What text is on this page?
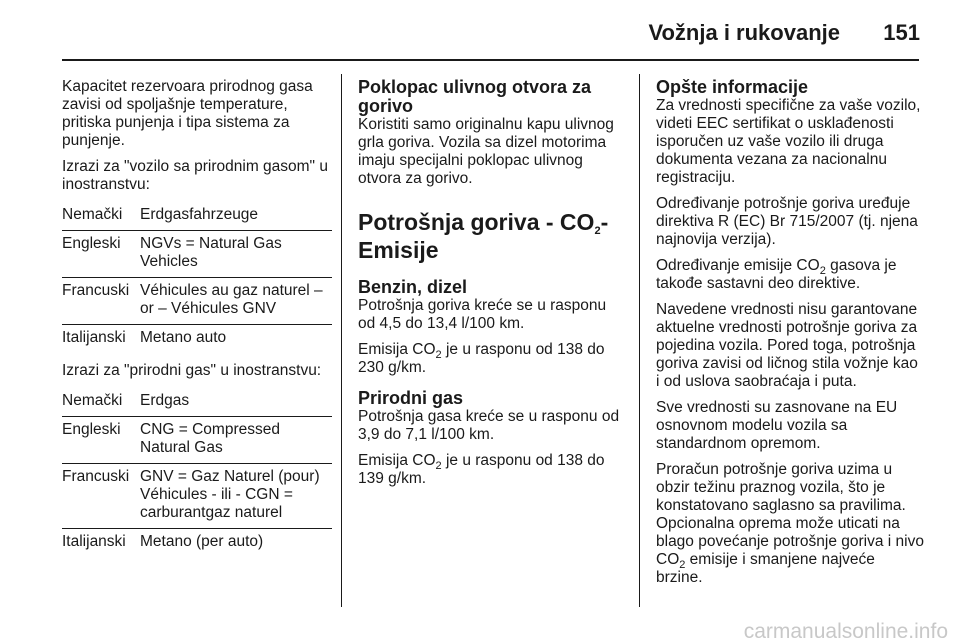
Vožnja i rukovanje	151

Kapacitet rezervoara prirodnog gasa zavisi od spoljašnje temperature, pritiska punjenja i tipa sistema za punjenje.

Izrazi za "vozilo sa prirodnim gasom" u inostranstvu:

Nemački	Erdgasfahrzeuge
Engleski	NGVs = Natural Gas Vehicles
Francuski	Véhicules au gaz naturel – or – Véhicules GNV
Italijanski	Metano auto

Izrazi za "prirodni gas" u inostranstvu:

Nemački	Erdgas
Engleski	CNG = Compressed Natural Gas
Francuski	GNV = Gaz Naturel (pour) Véhicules - ili - CGN = carburantgaz naturel
Italijanski	Metano (per auto)
Poklopac ulivnog otvora za gorivo

Koristiti samo originalnu kapu ulivnog grla goriva. Vozila sa dizel motorima imaju specijalni poklopac ulivnog otvora za gorivo.

Potrošnja goriva - $CO_2$-Emisije
Benzin, dizel

Potrošnja goriva kreće se u rasponu od 4,5 do 13,4 l/100 km.

Emisija $CO_2$ je u rasponu od 138 do 230 g/km.

Prirodni gas

Potrošnja gasa kreće se u rasponu od 3,9 do 7,1 l/100 km.

Emisija $CO_2$ je u rasponu od 138 do 139 g/km.

Opšte informacije

Za vrednosti specifične za vaše vozilo, videti EEC sertifikat o usklađenosti isporučen uz vaše vozilo ili druga dokumenta vezana za nacionalnu registraciju.

Određivanje potrošnje goriva uređuje direktiva R (EC) Br 715/2007 (tj. njena najnovija verzija).

Određivanje emisije $CO_2$ gasova je takođe sastavni deo direktive.

Navedene vrednosti nisu garantovane aktuelne vrednosti potrošnje goriva za pojedina vozila. Pored toga, potrošnja goriva zavisi od ličnog stila vožnje kao i od uslova saobraćaja i puta.

Sve vrednosti su zasnovane na EU osnovnom modelu vozila sa standardnom opremom.

Proračun potrošnje goriva uzima u obzir težinu praznog vozila, što je konstatovano saglasno sa pravilima. Opcionalna oprema može uticati na blago povećanje potrošnje goriva i nivo $CO_2$ emisije i smanjene najveće brzine.

carmanualsonline.info
